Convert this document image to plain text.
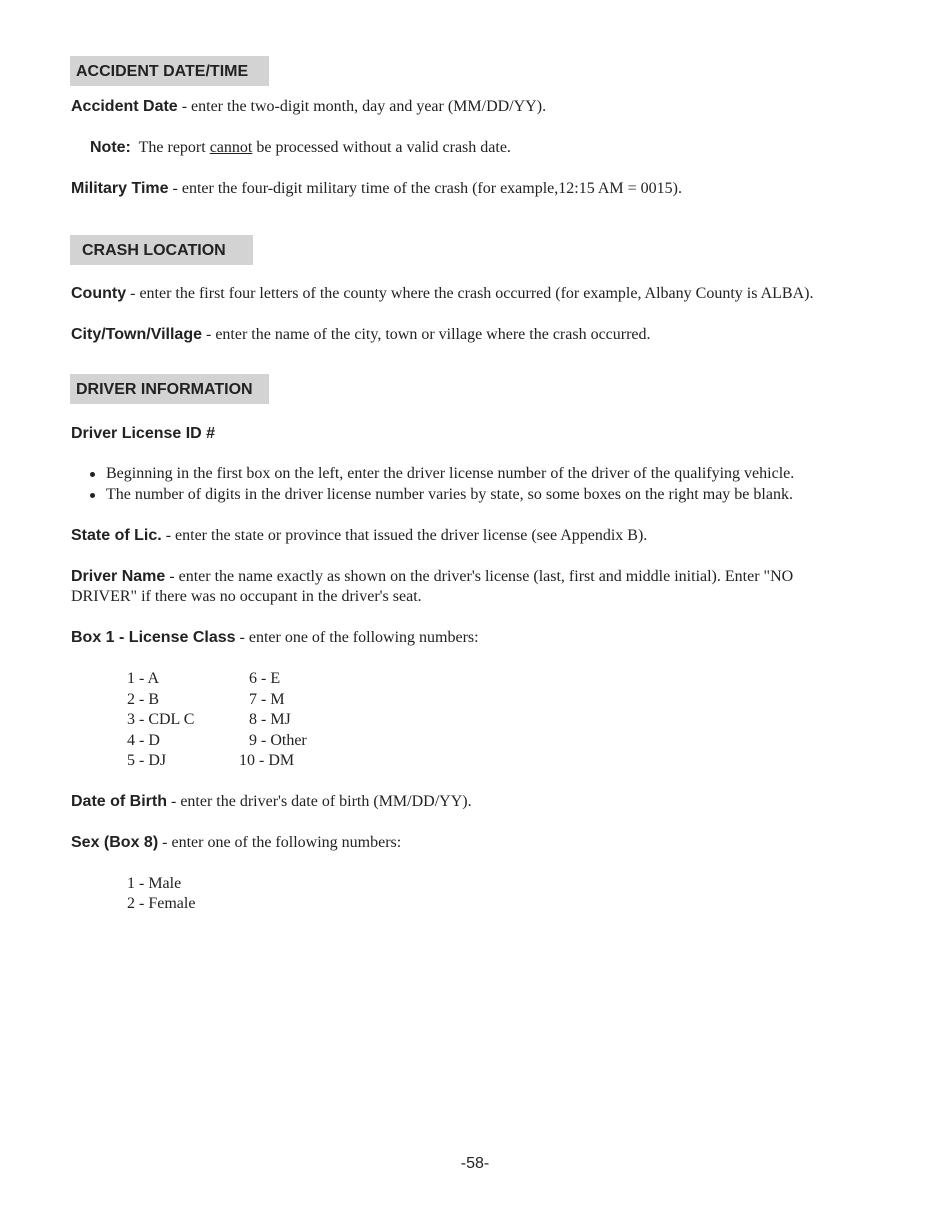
ACCIDENT DATE/TIME
Accident Date - enter the two-digit month, day and year (MM/DD/YY).
Note: The report cannot be processed without a valid crash date.
Military Time - enter the four-digit military time of the crash (for example,12:15 AM = 0015).
CRASH LOCATION
County - enter the first four letters of the county where the crash occurred (for example, Albany County is ALBA).
City/Town/Village - enter the name of the city, town or village where the crash occurred.
DRIVER INFORMATION
Driver License ID #
Beginning in the first box on the left, enter the driver license number of the driver of the qualifying vehicle.
The number of digits in the driver license number varies by state, so some boxes on the right may be blank.
State of Lic. - enter the state or province that issued the driver license (see Appendix B).
Driver Name - enter the name exactly as shown on the driver's license (last, first and middle initial). Enter "NO
DRIVER" if there was no occupant in the driver's seat.
Box 1 - License Class - enter one of the following numbers:
1 - A
2 - B
3 - CDL C
4 - D
5 - DJ
6 - E
7 - M
8 - MJ
9 - Other
10 - DM
Date of Birth - enter the driver's date of birth (MM/DD/YY).
Sex (Box 8) - enter one of the following numbers:
1 - Male
2 - Female
-58-
